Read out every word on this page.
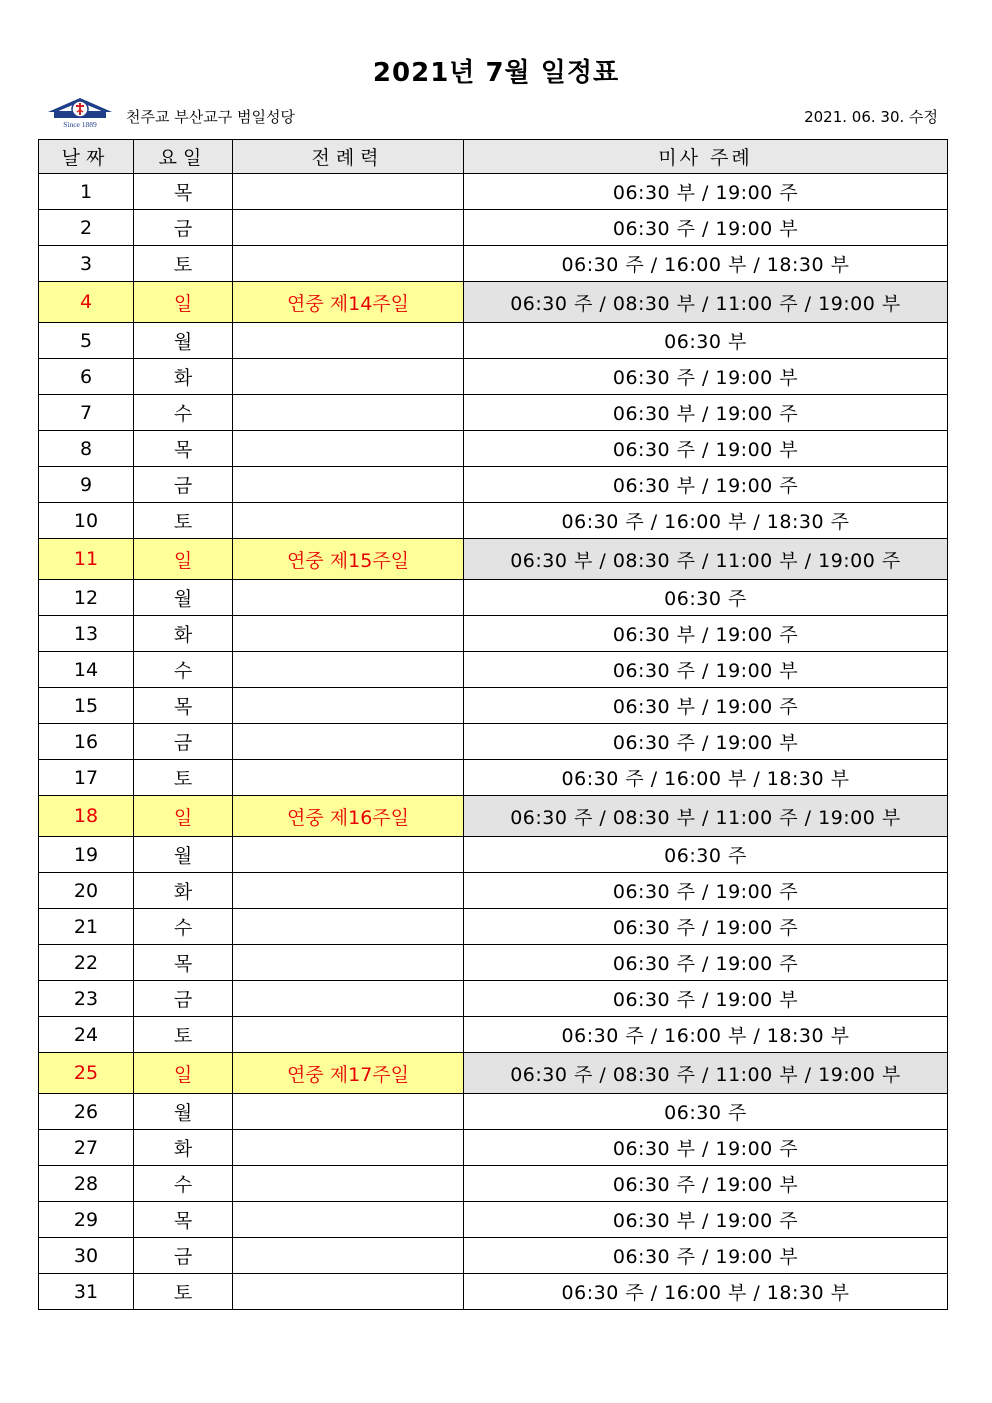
2021년 7월 일정표
Since 1889 천주교 부산교구 범일성당	2021. 06. 30. 수정
날짜	요일	전례력	미사 주례
1	목		06:30 부 / 19:00 주
2	금		06:30 주 / 19:00 부
3	토		06:30 주 / 16:00 부 / 18:30 부
4	일	연중 제14주일	06:30 주 / 08:30 부 / 11:00 주 / 19:00 부
5	월		06:30 부
6	화		06:30 주 / 19:00 부
7	수		06:30 부 / 19:00 주
8	목		06:30 주 / 19:00 부
9	금		06:30 부 / 19:00 주
10	토		06:30 주 / 16:00 부 / 18:30 주
11	일	연중 제15주일	06:30 부 / 08:30 주 / 11:00 부 / 19:00 주
12	월		06:30 주
13	화		06:30 부 / 19:00 주
14	수		06:30 주 / 19:00 부
15	목		06:30 부 / 19:00 주
16	금		06:30 주 / 19:00 부
17	토		06:30 주 / 16:00 부 / 18:30 부
18	일	연중 제16주일	06:30 주 / 08:30 부 / 11:00 주 / 19:00 부
19	월		06:30 주
20	화		06:30 주 / 19:00 주
21	수		06:30 주 / 19:00 주
22	목		06:30 주 / 19:00 주
23	금		06:30 주 / 19:00 부
24	토		06:30 주 / 16:00 부 / 18:30 부
25	일	연중 제17주일	06:30 주 / 08:30 주 / 11:00 부 / 19:00 부
26	월		06:30 주
27	화		06:30 부 / 19:00 주
28	수		06:30 주 / 19:00 부
29	목		06:30 부 / 19:00 주
30	금		06:30 주 / 19:00 부
31	토		06:30 주 / 16:00 부 / 18:30 부
